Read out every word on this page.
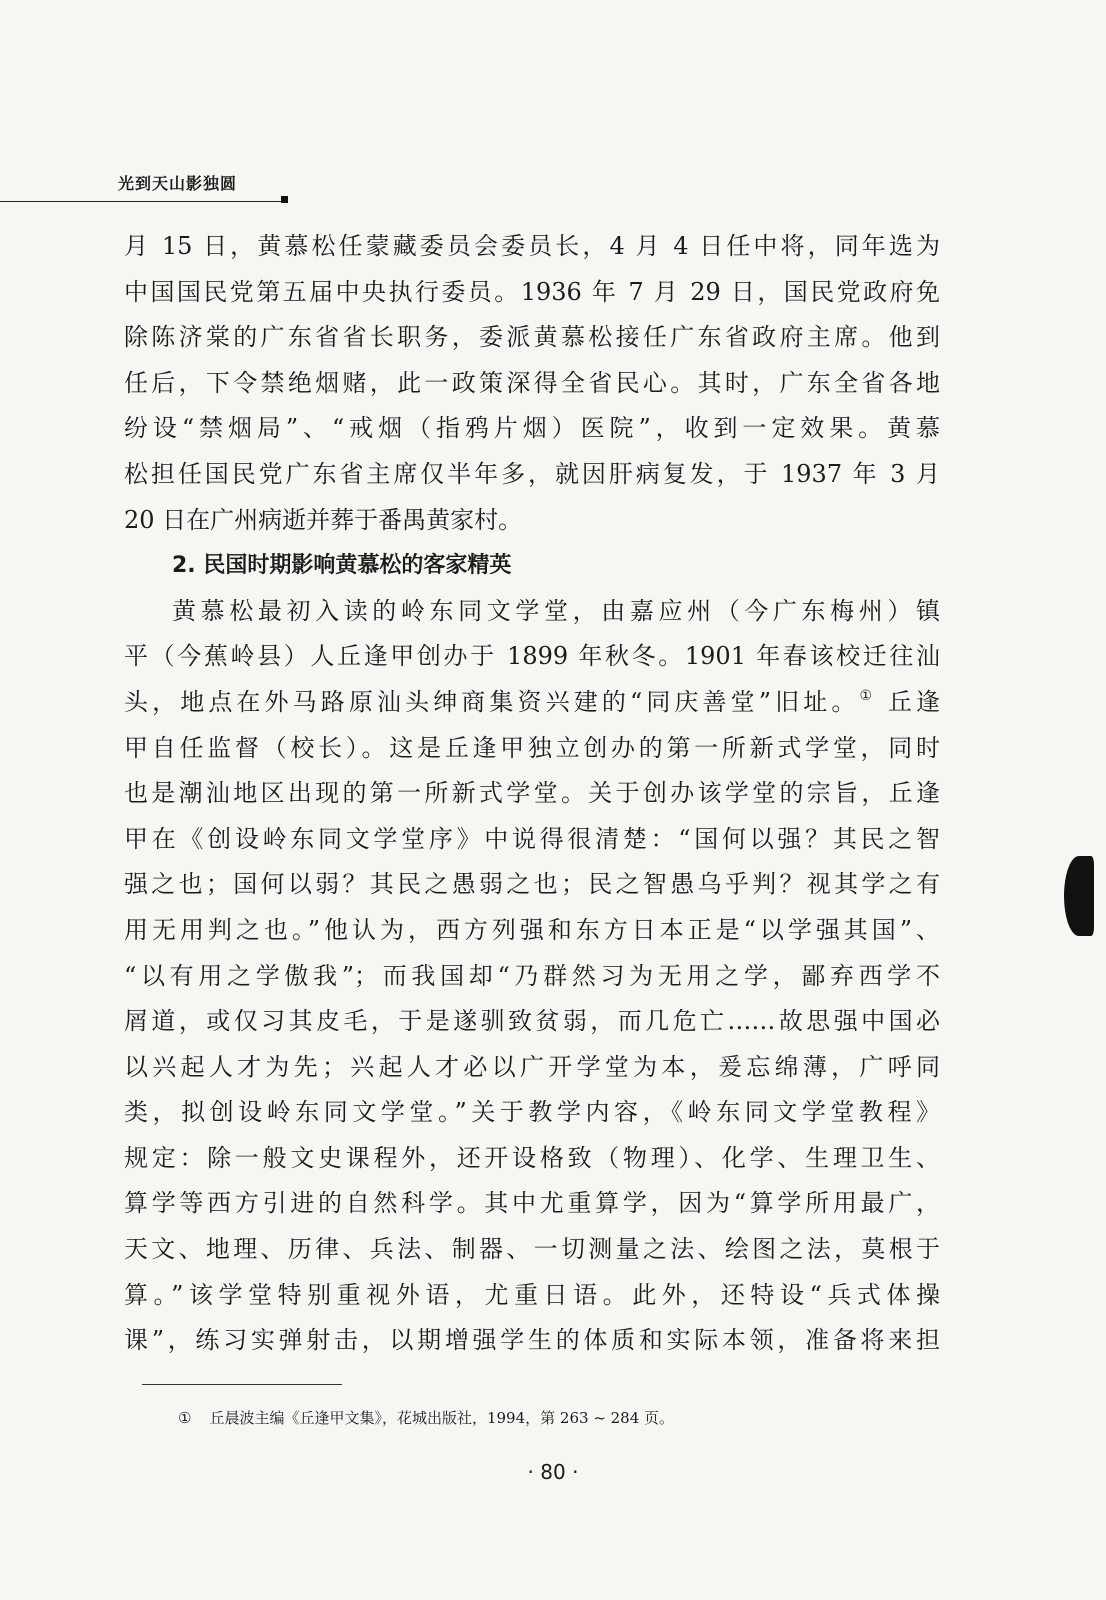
光到天山影独圆
月 15 日，黄慕松任蒙藏委员会委员长，4 月 4 日任中将，同年选为
中国国民党第五届中央执行委员。1936 年 7 月 29 日，国民党政府免
除陈济棠的广东省省长职务，委派黄慕松接任广东省政府主席。他到
任后，下令禁绝烟赌，此一政策深得全省民心。其时，广东全省各地
纷设“禁烟局”、“戒烟（指鸦片烟）医院”，收到一定效果。黄慕
松担任国民党广东省主席仅半年多，就因肝病复发，于 1937 年 3 月
20 日在广州病逝并葬于番禺黄家村。
2. 民国时期影响黄慕松的客家精英
黄慕松最初入读的岭东同文学堂，由嘉应州（今广东梅州）镇
平（今蕉岭县）人丘逢甲创办于 1899 年秋冬。1901 年春该校迁往汕
头，地点在外马路原汕头绅商集资兴建的“同庆善堂”旧址。① 丘逢
甲自任监督（校长）。这是丘逢甲独立创办的第一所新式学堂，同时
也是潮汕地区出现的第一所新式学堂。关于创办该学堂的宗旨，丘逢
甲在《创设岭东同文学堂序》中说得很清楚：“国何以强？其民之智
强之也；国何以弱？其民之愚弱之也；民之智愚乌乎判？视其学之有
用无用判之也。”他认为，西方列强和东方日本正是“以学强其国”、
“以有用之学傲我”；而我国却“乃群然习为无用之学，鄙弃西学不
屑道，或仅习其皮毛，于是遂驯致贫弱，而几危亡……故思强中国必
以兴起人才为先；兴起人才必以广开学堂为本，爰忘绵薄，广呼同
类，拟创设岭东同文学堂。”关于教学内容，《岭东同文学堂教程》
规定：除一般文史课程外，还开设格致（物理）、化学、生理卫生、
算学等西方引进的自然科学。其中尤重算学，因为“算学所用最广，
天文、地理、历律、兵法、制器、一切测量之法、绘图之法，莫根于
算。”该学堂特别重视外语，尤重日语。此外，还特设“兵式体操
课”，练习实弹射击，以期增强学生的体质和实际本领，准备将来担
① 丘晨波主编《丘逢甲文集》，花城出版社，1994，第 263 ~ 284 页。
· 80 ·
